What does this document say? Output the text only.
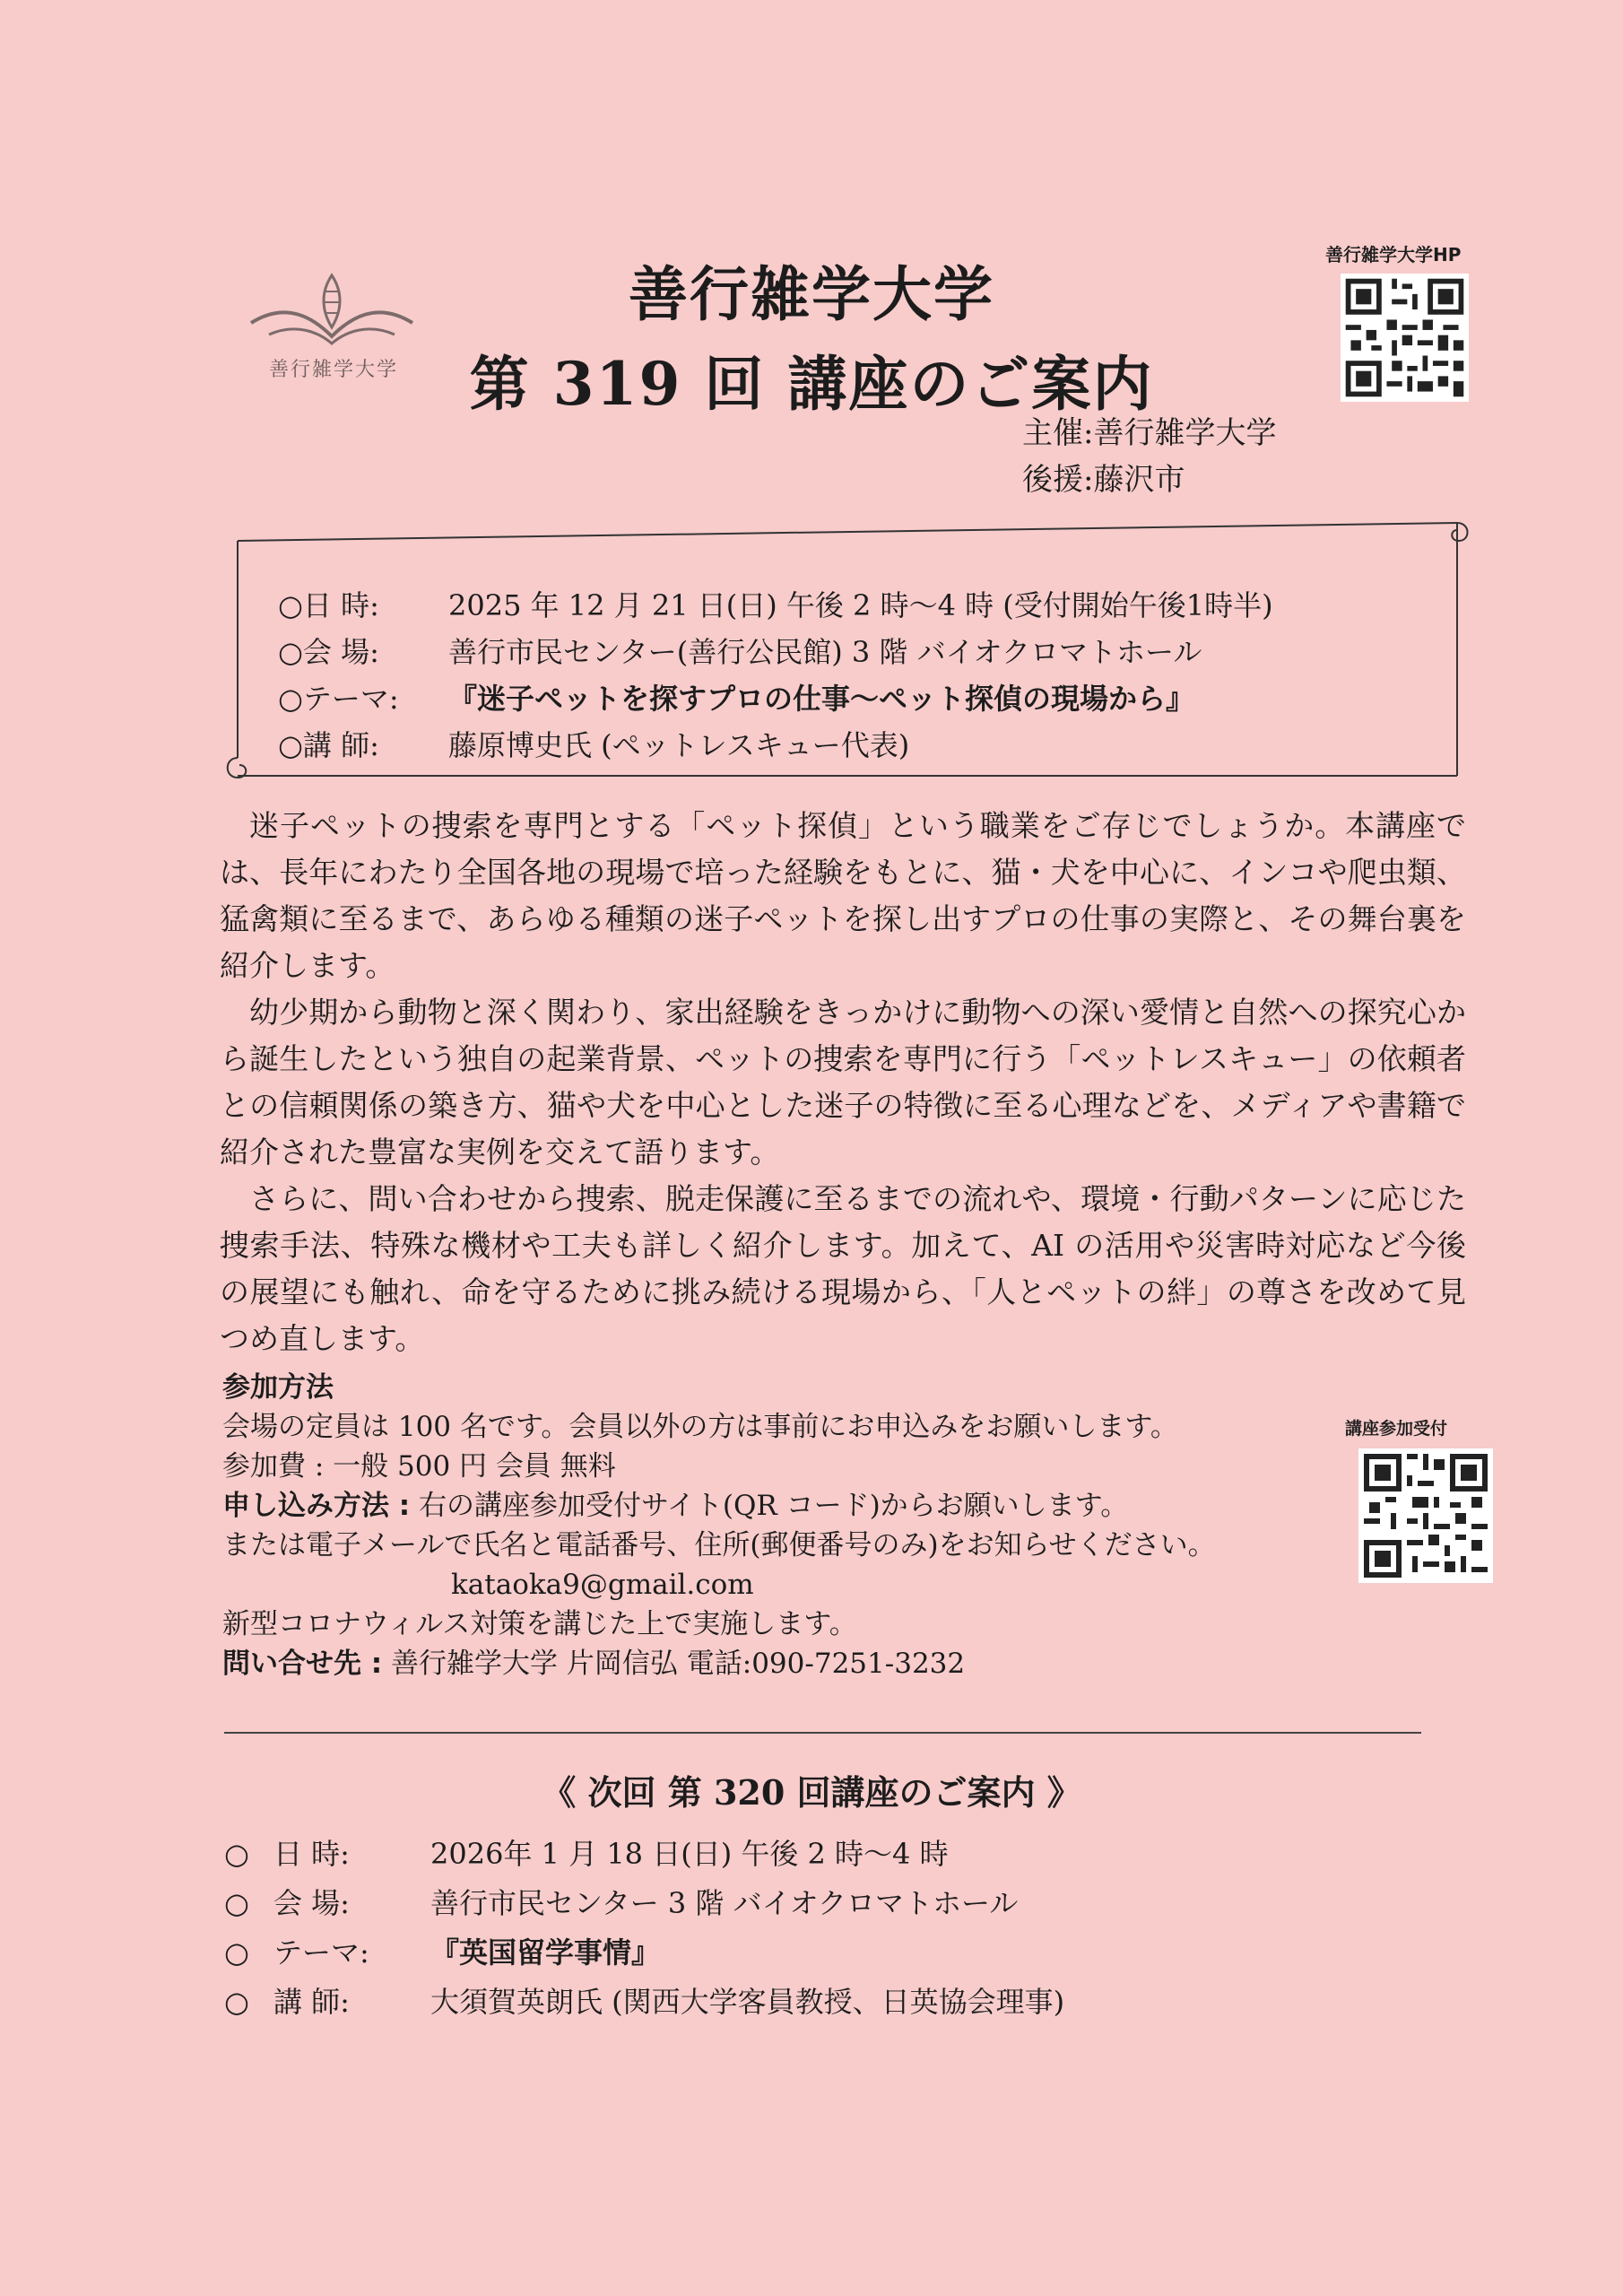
善行雑学大学
善行雑学大学
第 319 回 講座のご案内
善行雑学大学HP
主催:善行雑学大学
後援:藤沢市
○日 時: 2025 年 12 月 21 日(日) 午後 2 時～4 時 (受付開始午後1時半)
○会 場: 善行市民センター(善行公民館) 3 階 バイオクロマトホール
○テーマ: 『迷子ペットを探すプロの仕事～ペット探偵の現場から』
○講 師: 藤原博史氏 (ペットレスキュー代表)

迷子ペットの捜索を専門とする「ペット探偵」という職業をご存じでしょうか。本講座では、長年にわたり全国各地の現場で培った経験をもとに、猫・犬を中心に、インコや爬虫類、猛禽類に至るまで、あらゆる種類の迷子ペットを探し出すプロの仕事の実際と、その舞台裏を紹介します。

幼少期から動物と深く関わり、家出経験をきっかけに動物への深い愛情と自然への探究心から誕生したという独自の起業背景、ペットの捜索を専門に行う「ペットレスキュー」の依頼者との信頼関係の築き方、猫や犬を中心とした迷子の特徴に至る心理などを、メディアや書籍で紹介された豊富な実例を交えて語ります。

さらに、問い合わせから捜索、脱走保護に至るまでの流れや、環境・行動パターンに応じた捜索手法、特殊な機材や工夫も詳しく紹介します。加えて、AI の活用や災害時対応など今後の展望にも触れ、命を守るために挑み続ける現場から、「人とペットの絆」の尊さを改めて見つめ直します。

参加方法
会場の定員は 100 名です。会員以外の方は事前にお申込みをお願いします。
参加費 : 一般 500 円 会員 無料
申し込み方法 : 右の講座参加受付サイト(QR コード)からお願いします。
または電子メールで氏名と電話番号、住所(郵便番号のみ)をお知らせください。
kataoka9@gmail.com
新型コロナウィルス対策を講じた上で実施します。
問い合せ先 : 善行雑学大学 片岡信弘 電話:090-7251-3232
講座参加受付
《 次回 第 320 回講座のご案内 》
○ 日 時:	2026年 1 月 18 日(日) 午後 2 時～4 時
○ 会 場:	善行市民センター 3 階 バイオクロマトホール
○ テーマ: 『英国留学事情』
○ 講 師:	大須賀英朗氏 (関西大学客員教授、日英協会理事)
